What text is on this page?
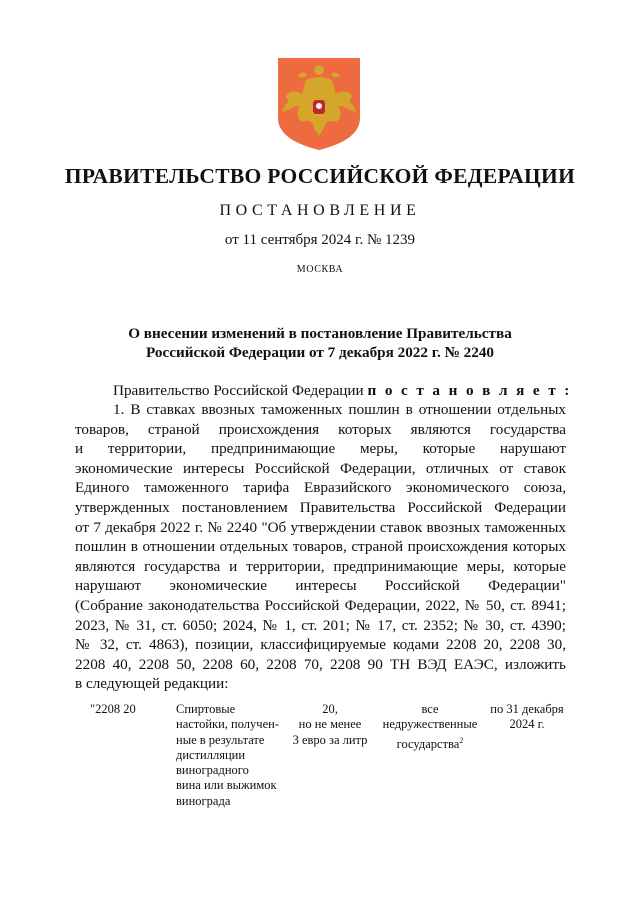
ПРАВИТЕЛЬСТВО РОССИЙСКОЙ ФЕДЕРАЦИИ
ПОСТАНОВЛЕНИЕ
от 11 сентября 2024 г. № 1239
МОСКВА
О внесении изменений в постановление Правительства
Российской Федерации от 7 декабря 2022 г. № 2240
Правительство Российской Федерации п о с т а н о в л я е т :
1. В ставках ввозных таможенных пошлин в отношении отдельных
товаров, страной происхождения которых являются государства
и территории, предпринимающие меры, которые нарушают
экономические интересы Российской Федерации, отличных от ставок
Единого таможенного тарифа Евразийского экономического союза,
утвержденных постановлением Правительства Российской Федерации
от 7 декабря 2022 г. № 2240 "Об утверждении ставок ввозных таможенных
пошлин в отношении отдельных товаров, страной происхождения которых
являются государства и территории, предпринимающие меры, которые
нарушают экономические интересы Российской Федерации"
(Собрание законодательства Российской Федерации, 2022, № 50, ст. 8941;
2023, № 31, ст. 6050; 2024, № 1, ст. 201; № 17, ст. 2352; № 30, ст. 4390;
№ 32, ст. 4863), позиции, классифицируемые кодами 2208 20, 2208 30,
2208 40, 2208 50, 2208 60, 2208 70, 2208 90 ТН ВЭД ЕАЭС, изложить
в следующей редакции:
"2208 20	Спиртовые
настойки, получен-
ные в результате
дистилляции
виноградного
вина или выжимок
винограда
20,
но не менее
3 евро за литр
все
недружественные
государства$^2$
по 31 декабря
2024 г.
